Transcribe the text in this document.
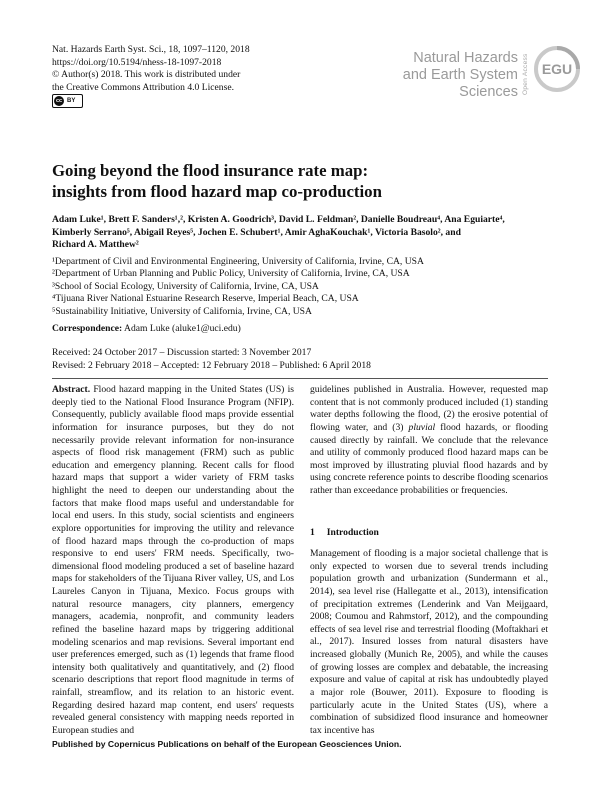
Nat. Hazards Earth Syst. Sci., 18, 1097–1120, 2018
https://doi.org/10.5194/nhess-18-1097-2018
© Author(s) 2018. This work is distributed under
the Creative Commons Attribution 4.0 License.
cc BY
Natural Hazards
and Earth System
Sciences Open Access EGU
Going beyond the flood insurance rate map:
insights from flood hazard map co-production
Adam Luke¹, Brett F. Sanders¹,², Kristen A. Goodrich³, David L. Feldman², Danielle Boudreau⁴, Ana Eguiarte⁴,
Kimberly Serrano⁵, Abigail Reyes⁵, Jochen E. Schubert¹, Amir AghaKouchak¹, Victoria Basolo², and
Richard A. Matthew²
¹Department of Civil and Environmental Engineering, University of California, Irvine, CA, USA
²Department of Urban Planning and Public Policy, University of California, Irvine, CA, USA
³School of Social Ecology, University of California, Irvine, CA, USA
⁴Tijuana River National Estuarine Research Reserve, Imperial Beach, CA, USA
⁵Sustainability Initiative, University of California, Irvine, CA, USA
Correspondence: Adam Luke (aluke1@uci.edu)
Received: 24 October 2017 – Discussion started: 3 November 2017
Revised: 2 February 2018 – Accepted: 12 February 2018 – Published: 6 April 2018

Abstract. Flood hazard mapping in the United States (US) is deeply tied to the National Flood Insurance Program (NFIP). Consequently, publicly available flood maps provide essential information for insurance purposes, but they do not necessarily provide relevant information for non-insurance aspects of flood risk management (FRM) such as public education and emergency planning. Recent calls for flood hazard maps that support a wider variety of FRM tasks highlight the need to deepen our understanding about the factors that make flood maps useful and understandable for local end users. In this study, social scientists and engineers explore opportunities for improving the utility and relevance of flood hazard maps through the co-production of maps responsive to end users' FRM needs. Specifically, two-dimensional flood modeling produced a set of baseline hazard maps for stakeholders of the Tijuana River valley, US, and Los Laureles Canyon in Tijuana, Mexico. Focus groups with natural resource managers, city planners, emergency managers, academia, nonprofit, and community leaders refined the baseline hazard maps by triggering additional modeling scenarios and map revisions. Several important end user preferences emerged, such as (1) legends that frame flood intensity both qualitatively and quantitatively, and (2) flood scenario descriptions that report flood magnitude in terms of rainfall, streamflow, and its relation to an historic event. Regarding desired hazard map content, end users' requests revealed general consistency with mapping needs reported in European studies and

guidelines published in Australia. However, requested map content that is not commonly produced included (1) standing water depths following the flood, (2) the erosive potential of flowing water, and (3) pluvial flood hazards, or flooding caused directly by rainfall. We conclude that the relevance and utility of commonly produced flood hazard maps can be most improved by illustrating pluvial flood hazards and by using concrete reference points to describe flooding scenarios rather than exceedance probabilities or frequencies.

1 Introduction

Management of flooding is a major societal challenge that is only expected to worsen due to several trends including population growth and urbanization (Sundermann et al., 2014), sea level rise (Hallegatte et al., 2013), intensification of precipitation extremes (Lenderink and Van Meijgaard, 2008; Coumou and Rahmstorf, 2012), and the compounding effects of sea level rise and terrestrial flooding (Moftakhari et al., 2017). Insured losses from natural disasters have increased globally (Munich Re, 2005), and while the causes of growing losses are complex and debatable, the increasing exposure and value of capital at risk has undoubtedly played a major role (Bouwer, 2011). Exposure to flooding is particularly acute in the United States (US), where a combination of subsidized flood insurance and homeowner tax incentive has

Published by Copernicus Publications on behalf of the European Geosciences Union.
